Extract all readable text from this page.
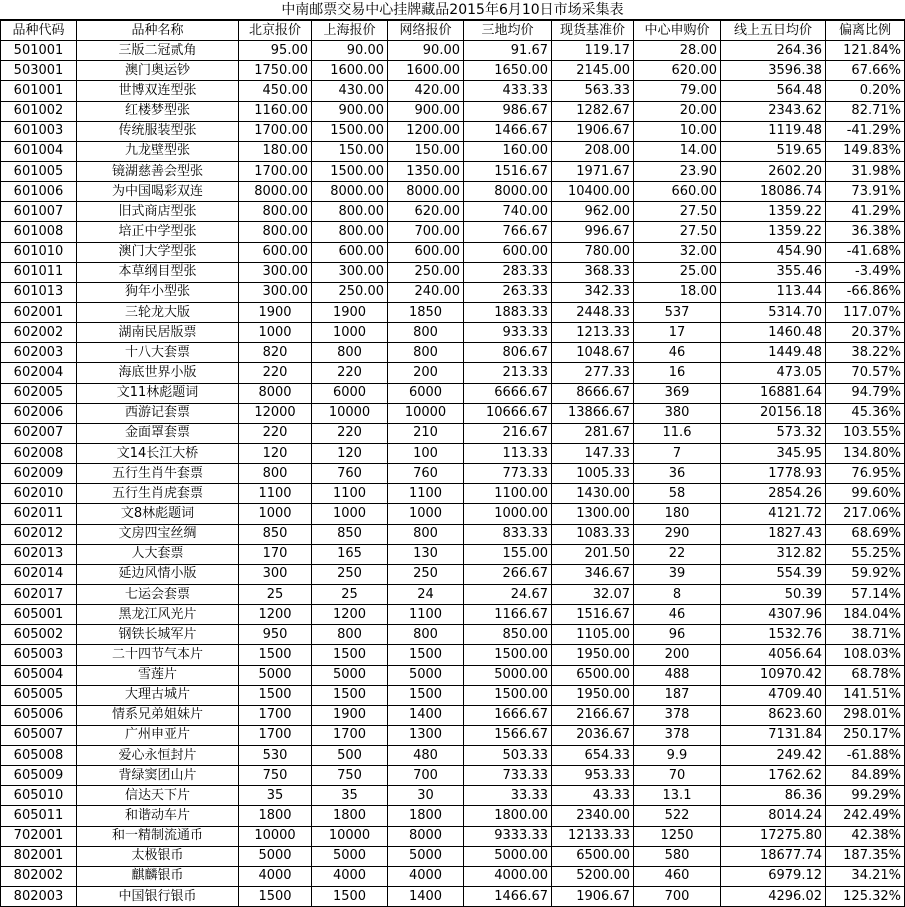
中南邮票交易中心挂牌藏品2015年6月10日市场采集表
品种代码	品种名称	北京报价	上海报价	网络报价	三地均价	现货基准价	中心申购价	线上五日均价	偏离比例
501001	三版二冠贰角	95.00	90.00	90.00	91.67	119.17	28.00	264.36	121.84%
503001	澳门奥运钞	1750.00	1600.00	1600.00	1650.00	2145.00	620.00	3596.38	67.66%
601001	世博双连型张	450.00	430.00	420.00	433.33	563.33	79.00	564.48	0.20%
601002	红楼梦型张	1160.00	900.00	900.00	986.67	1282.67	20.00	2343.62	82.71%
601003	传统服装型张	1700.00	1500.00	1200.00	1466.67	1906.67	10.00	1119.48	-41.29%
601004	九龙壁型张	180.00	150.00	150.00	160.00	208.00	14.00	519.65	149.83%
601005	镜湖慈善会型张	1700.00	1500.00	1350.00	1516.67	1971.67	23.90	2602.20	31.98%
601006	为中国喝彩双连	8000.00	8000.00	8000.00	8000.00	10400.00	660.00	18086.74	73.91%
601007	旧式商店型张	800.00	800.00	620.00	740.00	962.00	27.50	1359.22	41.29%
601008	培正中学型张	800.00	800.00	700.00	766.67	996.67	27.50	1359.22	36.38%
601010	澳门大学型张	600.00	600.00	600.00	600.00	780.00	32.00	454.90	-41.68%
601011	本草纲目型张	300.00	300.00	250.00	283.33	368.33	25.00	355.46	-3.49%
601013	狗年小型张	300.00	250.00	240.00	263.33	342.33	18.00	113.44	-66.86%
602001	三轮龙大版	1900	1900	1850	1883.33	2448.33	537	5314.70	117.07%
602002	湖南民居版票	1000	1000	800	933.33	1213.33	17	1460.48	20.37%
602003	十八大套票	820	800	800	806.67	1048.67	46	1449.48	38.22%
602004	海底世界小版	220	220	200	213.33	277.33	16	473.05	70.57%
602005	文11林彪题词	8000	6000	6000	6666.67	8666.67	369	16881.64	94.79%
602006	西游记套票	12000	10000	10000	10666.67	13866.67	380	20156.18	45.36%
602007	金面罩套票	220	220	210	216.67	281.67	11.6	573.32	103.55%
602008	文14长江大桥	120	120	100	113.33	147.33	7	345.95	134.80%
602009	五行生肖牛套票	800	760	760	773.33	1005.33	36	1778.93	76.95%
602010	五行生肖虎套票	1100	1100	1100	1100.00	1430.00	58	2854.26	99.60%
602011	文8林彪题词	1000	1000	1000	1000.00	1300.00	180	4121.72	217.06%
602012	文房四宝丝绸	850	850	800	833.33	1083.33	290	1827.43	68.69%
602013	人大套票	170	165	130	155.00	201.50	22	312.82	55.25%
602014	延边风情小版	300	250	250	266.67	346.67	39	554.39	59.92%
602017	七运会套票	25	25	24	24.67	32.07	8	50.39	57.14%
605001	黑龙江风光片	1200	1200	1100	1166.67	1516.67	46	4307.96	184.04%
605002	钢铁长城军片	950	800	800	850.00	1105.00	96	1532.76	38.71%
605003	二十四节气本片	1500	1500	1500	1500.00	1950.00	200	4056.64	108.03%
605004	雪莲片	5000	5000	5000	5000.00	6500.00	488	10970.42	68.78%
605005	大理古城片	1500	1500	1500	1500.00	1950.00	187	4709.40	141.51%
605006	情系兄弟姐妹片	1700	1900	1400	1666.67	2166.67	378	8623.60	298.01%
605007	广州申亚片	1700	1700	1300	1566.67	2036.67	378	7131.84	250.17%
605008	爱心永恒封片	530	500	480	503.33	654.33	9.9	249.42	-61.88%
605009	背绿窦团山片	750	750	700	733.33	953.33	70	1762.62	84.89%
605010	信达天下片	35	35	30	33.33	43.33	13.1	86.36	99.29%
605011	和谐动车片	1800	1800	1800	1800.00	2340.00	522	8014.24	242.49%
702001	和一精制流通币	10000	10000	8000	9333.33	12133.33	1250	17275.80	42.38%
802001	太极银币	5000	5000	5000	5000.00	6500.00	580	18677.74	187.35%
802002	麒麟银币	4000	4000	4000	4000.00	5200.00	460	6979.12	34.21%
802003	中国银行银币	1500	1500	1400	1466.67	1906.67	700	4296.02	125.32%
